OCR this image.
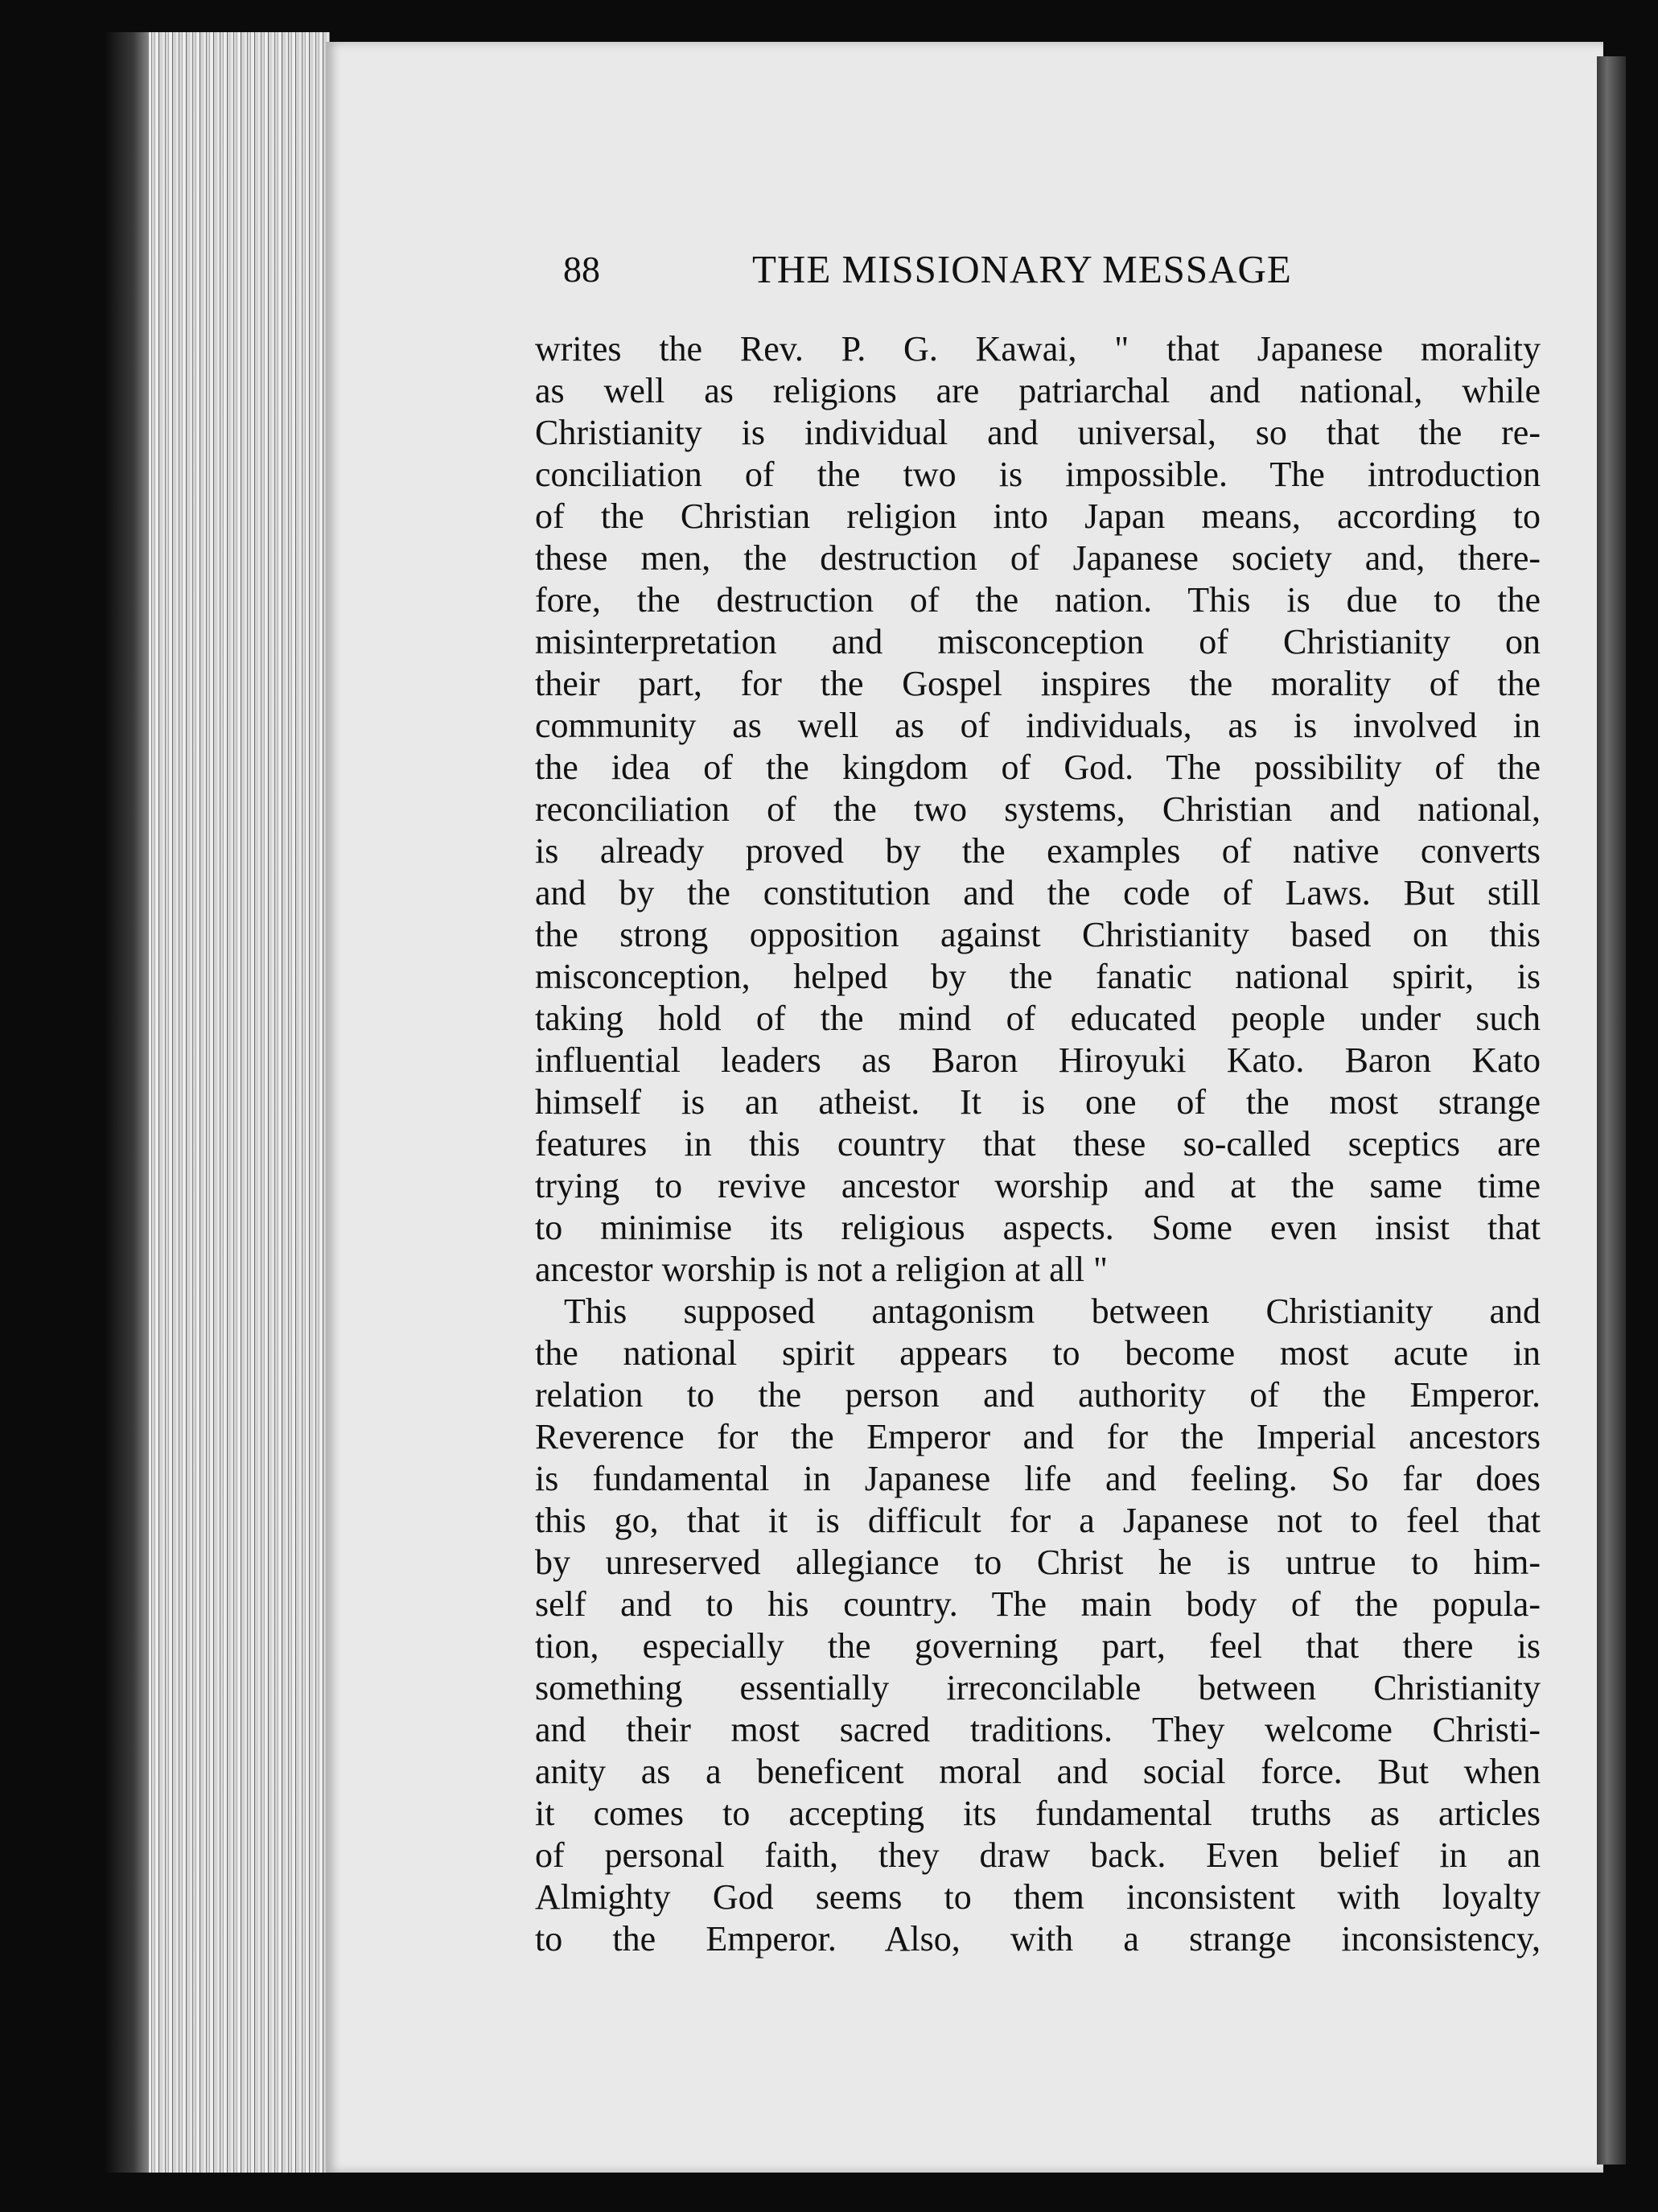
88	THE MISSIONARY MESSAGE
writes the Rev. P. G. Kawai, " that Japanese morality
as well as religions are patriarchal and national, while
Christianity is individual and universal, so that the re-
conciliation of the two is impossible. The introduction
of the Christian religion into Japan means, according to
these men, the destruction of Japanese society and, there-
fore, the destruction of the nation. This is due to the
misinterpretation and misconception of Christianity on
their part, for the Gospel inspires the morality of the
community as well as of individuals, as is involved in
the idea of the kingdom of God. The possibility of the
reconciliation of the two systems, Christian and national,
is already proved by the examples of native converts
and by the constitution and the code of Laws. But still
the strong opposition against Christianity based on this
misconception, helped by the fanatic national spirit, is
taking hold of the mind of educated people under such
influential leaders as Baron Hiroyuki Kato. Baron Kato
himself is an atheist. It is one of the most strange
features in this country that these so-called sceptics are
trying to revive ancestor worship and at the same time
to minimise its religious aspects. Some even insist that
ancestor worship is not a religion at all "
This supposed antagonism between Christianity and
the national spirit appears to become most acute in
relation to the person and authority of the Emperor.
Reverence for the Emperor and for the Imperial ancestors
is fundamental in Japanese life and feeling. So far does
this go, that it is difficult for a Japanese not to feel that
by unreserved allegiance to Christ he is untrue to him-
self and to his country. The main body of the popula-
tion, especially the governing part, feel that there is
something essentially irreconcilable between Christianity
and their most sacred traditions. They welcome Christi-
anity as a beneficent moral and social force. But when
it comes to accepting its fundamental truths as articles
of personal faith, they draw back. Even belief in an
Almighty God seems to them inconsistent with loyalty
to the Emperor. Also, with a strange inconsistency,
